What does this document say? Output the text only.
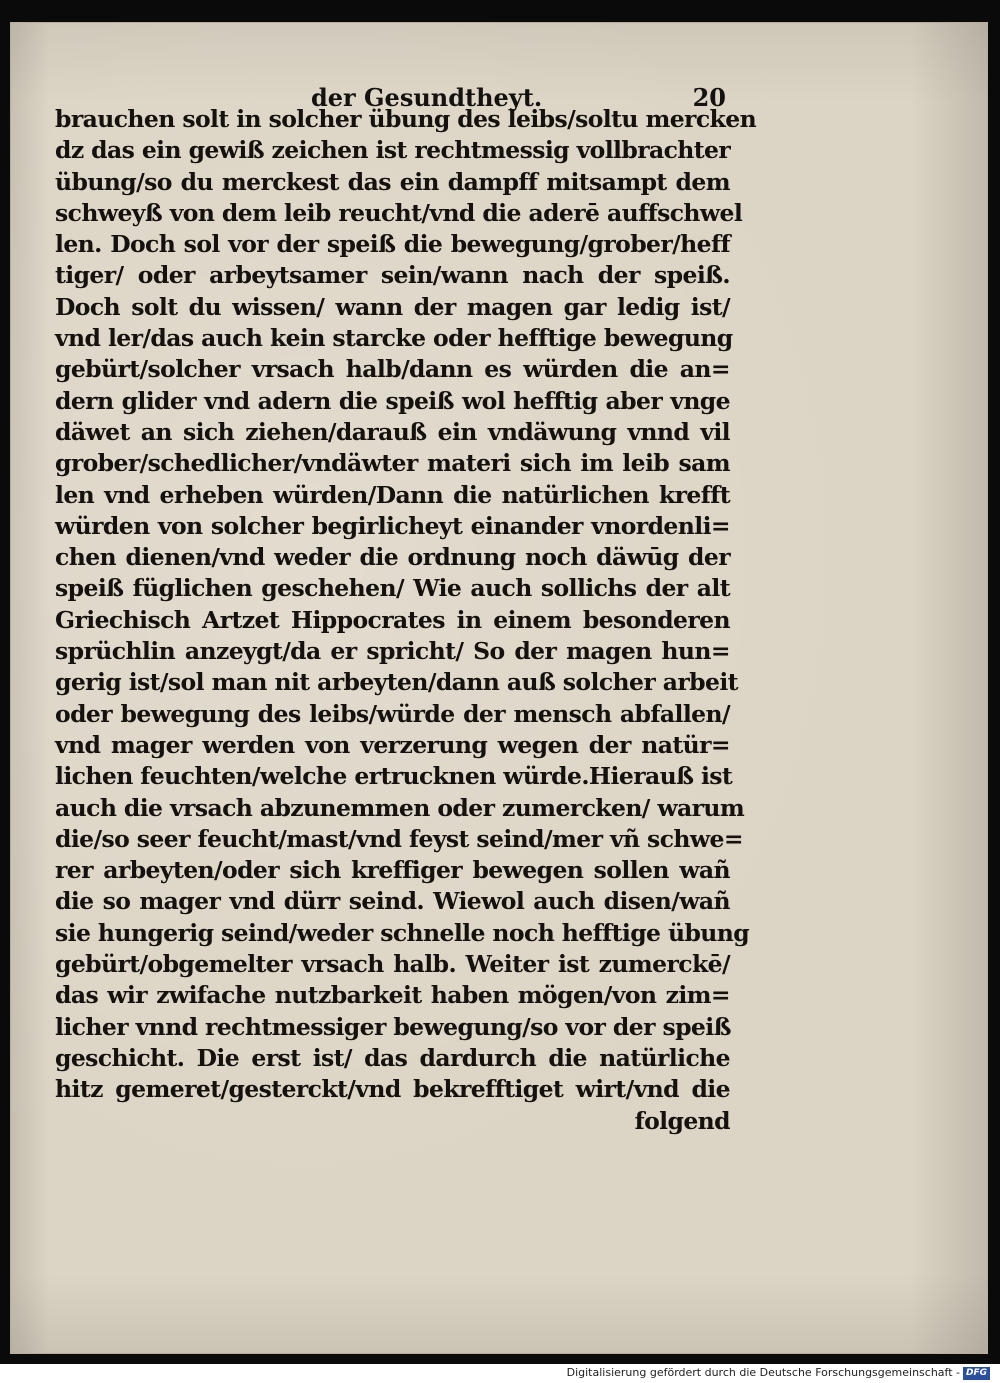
der Gesundtheyt.	20
brauchen solt in solcher übung des leibs/soltu mercken
dz das ein gewiß zeichen ist rechtmessig vollbrachter
übung/so du merckest das ein dampff mitsampt dem
schweyß von dem leib reucht/vnd die aderē auffschwel
len. Doch sol vor der speiß die bewegung/grober/heff
tiger/ oder arbeytsamer sein/wann nach der speiß.
Doch solt du wissen/ wann der magen gar ledig ist/
vnd ler/das auch kein starcke oder hefftige bewegung
gebürt/solcher vrsach halb/dann es würden die an=
dern glider vnd adern die speiß wol hefftig aber vnge
däwet an sich ziehen/darauß ein vndäwung vnnd vil
grober/schedlicher/vndäwter materi sich im leib sam
len vnd erheben würden/Dann die natürlichen krefft
würden von solcher begirlicheyt einander vnordenli=
chen dienen/vnd weder die ordnung noch däwūg der
speiß füglichen geschehen/ Wie auch sollichs der alt
Griechisch Artzet Hippocrates in einem besonderen
sprüchlin anzeygt/da er spricht/ So der magen hun=
gerig ist/sol man nit arbeyten/dann auß solcher arbeit
oder bewegung des leibs/würde der mensch abfallen/
vnd mager werden von verzerung wegen der natür=
lichen feuchten/welche ertrucknen würde.Hierauß ist
auch die vrsach abzunemmen oder zumercken/ warum
die/so seer feucht/mast/vnd feyst seind/mer vñ schwe=
rer arbeyten/oder sich kreffiger bewegen sollen wañ
die so mager vnd dürr seind. Wiewol auch disen/wañ
sie hungerig seind/weder schnelle noch hefftige übung
gebürt/obgemelter vrsach halb. Weiter ist zumerckē/
das wir zwifache nutzbarkeit haben mögen/von zim=
licher vnnd rechtmessiger bewegung/so vor der speiß
geschicht. Die erst ist/ das dardurch die natürliche
hitz gemeret/gesterckt/vnd bekrefftiget wirt/vnd die
folgend
Digitalisierung gefördert durch die Deutsche Forschungsgemeinschaft - DFG
